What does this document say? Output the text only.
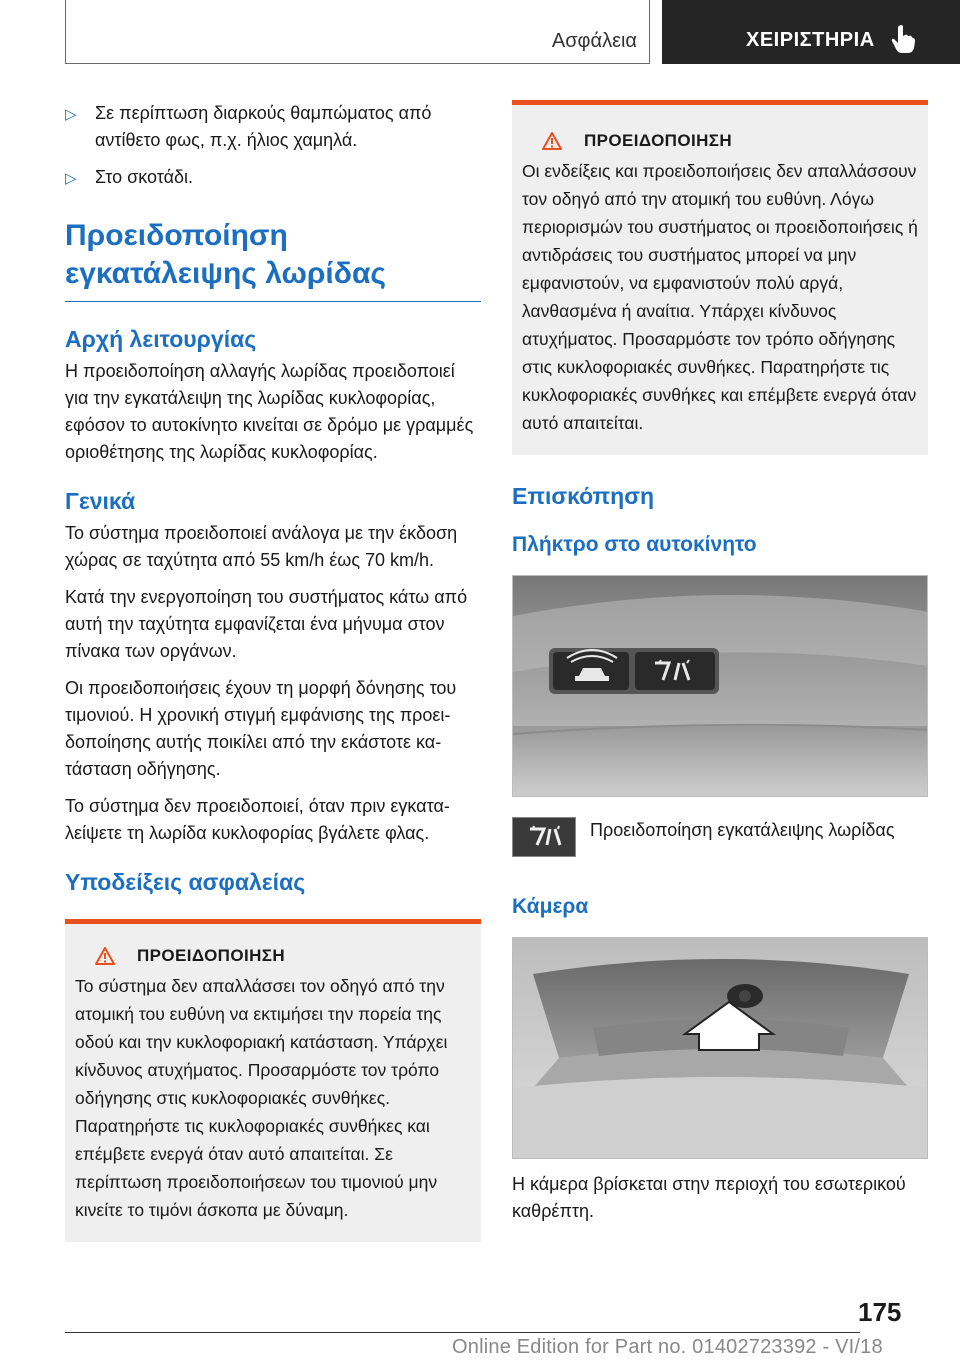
Ασφάλεια	ΧΕΙΡΙΣΤΗΡΙΑ
▷ Σε περίπτωση διαρκούς θαμπώματος από αντίθετο φως, π.χ. ήλιος χαμηλά.
▷ Στο σκοτάδι.
Προειδοποίηση εγκατάλειψης λωρίδας
Αρχή λειτουργίας

Η προειδοποίηση αλλαγής λωρίδας προειδοποιεί για την εγκατάλειψη της λωρίδας κυκλοφορίας, εφόσον το αυτοκίνητο κινείται σε δρόμο με γραμμές οριοθέτησης της λωρίδας κυκλοφορίας.

Γενικά

Το σύστημα προειδοποιεί ανάλογα με την έκδοση χώρας σε ταχύτητα από 55 km/h έως 70 km/h.

Κατά την ενεργοποίηση του συστήματος κάτω από αυτή την ταχύτητα εμφανίζεται ένα μήνυμα στον πίνακα των οργάνων.

Οι προειδοποιήσεις έχουν τη μορφή δόνησης του τιμονιού. Η χρονική στιγμή εμφάνισης της προειδοποίησης αυτής ποικίλει από την εκάστοτε κατάσταση οδήγησης.

Το σύστημα δεν προειδοποιεί, όταν πριν εγκαταλείψετε τη λωρίδα κυκλοφορίας βγάλετε φλας.

Υποδείξεις ασφαλείας
ΠΡΟΕΙΔΟΠΟΙΗΣΗ

Το σύστημα δεν απαλλάσσει τον οδηγό από την ατομική του ευθύνη να εκτιμήσει την πορεία της οδού και την κυκλοφοριακή κατάσταση. Υπάρχει κίνδυνος ατυχήματος. Προσαρμόστε τον τρόπο οδήγησης στις κυκλοφοριακές συνθήκες. Παρατηρήστε τις κυκλοφοριακές συνθήκες και επέμβετε ενεργά όταν αυτό απαιτείται. Σε περίπτωση προειδοποιήσεων του τιμονιού μην κινείτε το τιμόνι άσκοπα με δύναμη.

ΠΡΟΕΙΔΟΠΟΙΗΣΗ

Οι ενδείξεις και προειδοποιήσεις δεν απαλλάσσουν τον οδηγό από την ατομική του ευθύνη. Λόγω περιορισμών του συστήματος οι προειδοποιήσεις ή αντιδράσεις του συστήματος μπορεί να μην εμφανιστούν, να εμφανιστούν πολύ αργά, λανθασμένα ή αναίτια. Υπάρχει κίνδυνος ατυχήματος. Προσαρμόστε τον τρόπο οδήγησης στις κυκλοφοριακές συνθήκες. Παρατηρήστε τις κυκλοφοριακές συνθήκες και επέμβετε ενεργά όταν αυτό απαιτείται.

Επισκόπηση
Πλήκτρο στο αυτοκίνητο
Προειδοποίηση εγκατάλειψης λωρίδας
Κάμερα

Η κάμερα βρίσκεται στην περιοχή του εσωτερικού καθρέπτη.

175
Online Edition for Part no. 01402723392 - VI/18
